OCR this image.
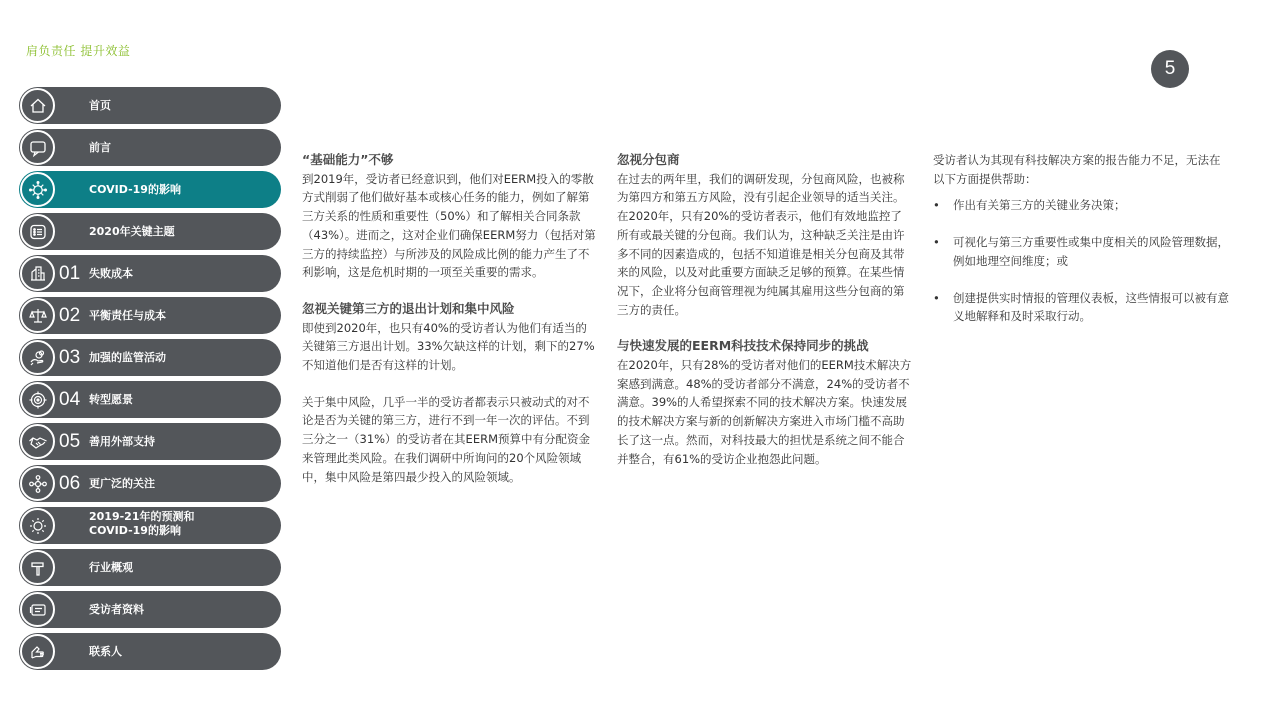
肩负责任 提升效益
5
首页
前言
COVID-19的影响
2020年关键主题
01 失败成本
02 平衡责任与成本
03 加强的监管活动
04 转型愿景
05 善用外部支持
06 更广泛的关注
2019-21年的预测和
COVID-19的影响
行业概观
受访者资料
联系人
“基础能力”不够

到2019年，受访者已经意识到，他们对EERM投入的零散方式削弱了他们做好基本或核心任务的能力，例如了解第三方关系的性质和重要性（50%）和了解相关合同条款（43%）。进而之，这对企业们确保EERM努力（包括对第三方的持续监控）与所涉及的风险成比例的能力产生了不利影响，这是危机时期的一项至关重要的需求。

忽视关键第三方的退出计划和集中风险

即使到2020年，也只有40%的受访者认为他们有适当的关键第三方退出计划。33%欠缺这样的计划，剩下的27%不知道他们是否有这样的计划。

关于集中风险，几乎一半的受访者都表示只被动式的对不论是否为关键的第三方，进行不到一年一次的评估。不到三分之一（31%）的受访者在其EERM预算中有分配资金来管理此类风险。在我们调研中所询问的20个风险领域中，集中风险是第四最少投入的风险领域。

忽视分包商

在过去的两年里，我们的调研发现，分包商风险，也被称为第四方和第五方风险，没有引起企业领导的适当关注。在2020年，只有20%的受访者表示，他们有效地监控了所有或最关键的分包商。我们认为，这种缺乏关注是由许多不同的因素造成的，包括不知道谁是相关分包商及其带来的风险，以及对此重要方面缺乏足够的预算。在某些情况下，企业将分包商管理视为纯属其雇用这些分包商的第三方的责任。

与快速发展的EERM科技技术保持同步的挑战

在2020年，只有28%的受访者对他们的EERM技术解决方案感到满意。48%的受访者部分不满意，24%的受访者不满意。39%的人希望探索不同的技术解决方案。快速发展的技术解决方案与新的创新解决方案进入市场门槛不高助长了这一点。然而，对科技最大的担忧是系统之间不能合并整合，有61%的受访企业抱怨此问题。

受访者认为其现有科技解决方案的报告能力不足，无法在以下方面提供帮助：

• 作出有关第三方的关键业务决策；
• 可视化与第三方重要性或集中度相关的风险管理数据，例如地理空间维度；或
• 创建提供实时情报的管理仪表板，这些情报可以被有意义地解释和及时采取行动。
